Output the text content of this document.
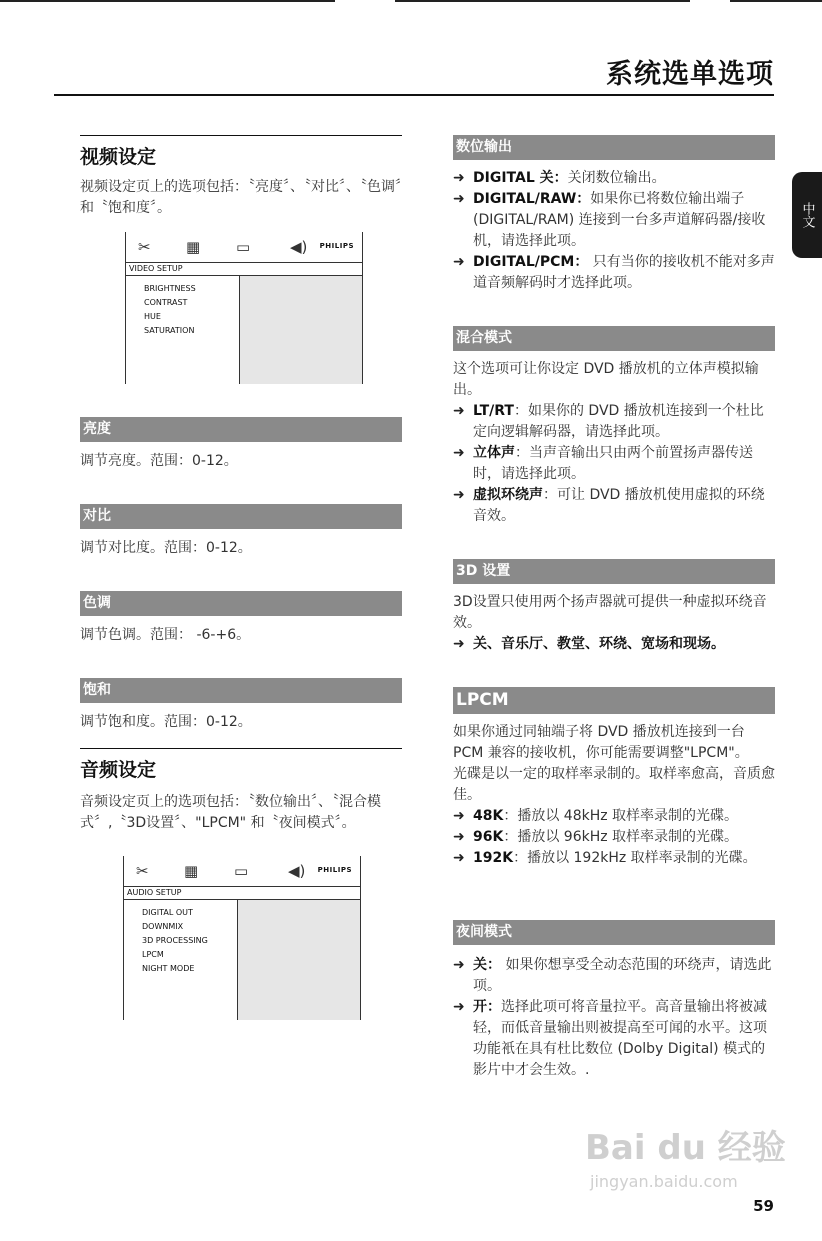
系统选单选项
中文
视频设定
视频设定页上的选项包括：〝亮度〞、〝对比〞、〝色调〞和〝饱和度〞。
✂ ▦ ▭	◀) PHILIPS
VIDEO SETUP
BRIGHTNESS
CONTRAST
HUE
SATURATION
亮度
调节亮度。范围：0-12。
对比
调节对比度。范围：0-12。
色调
调节色调。范围： -6-+6。
饱和
调节饱和度。范围：0-12。
音频设定
音频设定页上的选项包括：〝数位输出〞、〝混合模式〞,〝3D设置〞、"LPCM" 和〝夜间模式〞。
✂ ▦ ▭	◀) PHILIPS
AUDIO SETUP
DIGITAL OUT
DOWNMIX
3D PROCESSING
LPCM
NIGHT MODE
数位输出
➜ DIGITAL 关：关闭数位输出。
➜ DIGITAL/RAW：如果你已将数位输出端子 (DIGITAL/RAM) 连接到一台多声道解码器/接收机，请选择此项。
➜ DIGITAL/PCM： 只有当你的接收机不能对多声道音频解码时才选择此项。
混合模式
这个选项可让你设定 DVD 播放机的立体声模拟输出。
➜ LT/RT：如果你的 DVD 播放机连接到一个杜比定向逻辑解码器，请选择此项。
➜ 立体声：当声音输出只由两个前置扬声器传送时，请选择此项。
➜ 虚拟环绕声：可让 DVD 播放机使用虚拟的环绕音效。
3D 设置
3D设置只使用两个扬声器就可提供一种虚拟环绕音效。
➜ 关、音乐厅、教堂、环绕、宽场和现场。
LPCM
如果你通过同轴端子将 DVD 播放机连接到一台 PCM 兼容的接收机，你可能需要调整"LPCM"。
光碟是以一定的取样率录制的。取样率愈高，音质愈佳。
➜ 48K：播放以 48kHz 取样率录制的光碟。
➜ 96K：播放以 96kHz 取样率录制的光碟。
➜ 192K：播放以 192kHz 取样率录制的光碟。
夜间模式
➜ 关： 如果你想享受全动态范围的环绕声，请选此项。
➜ 开：选择此项可将音量拉平。高音量输出将被减轻，而低音量输出则被提高至可闻的水平。这项功能衹在具有杜比数位 (Dolby Digital) 模式的影片中才会生效。.
Bai du 经验
jingyan.baidu.com
59
